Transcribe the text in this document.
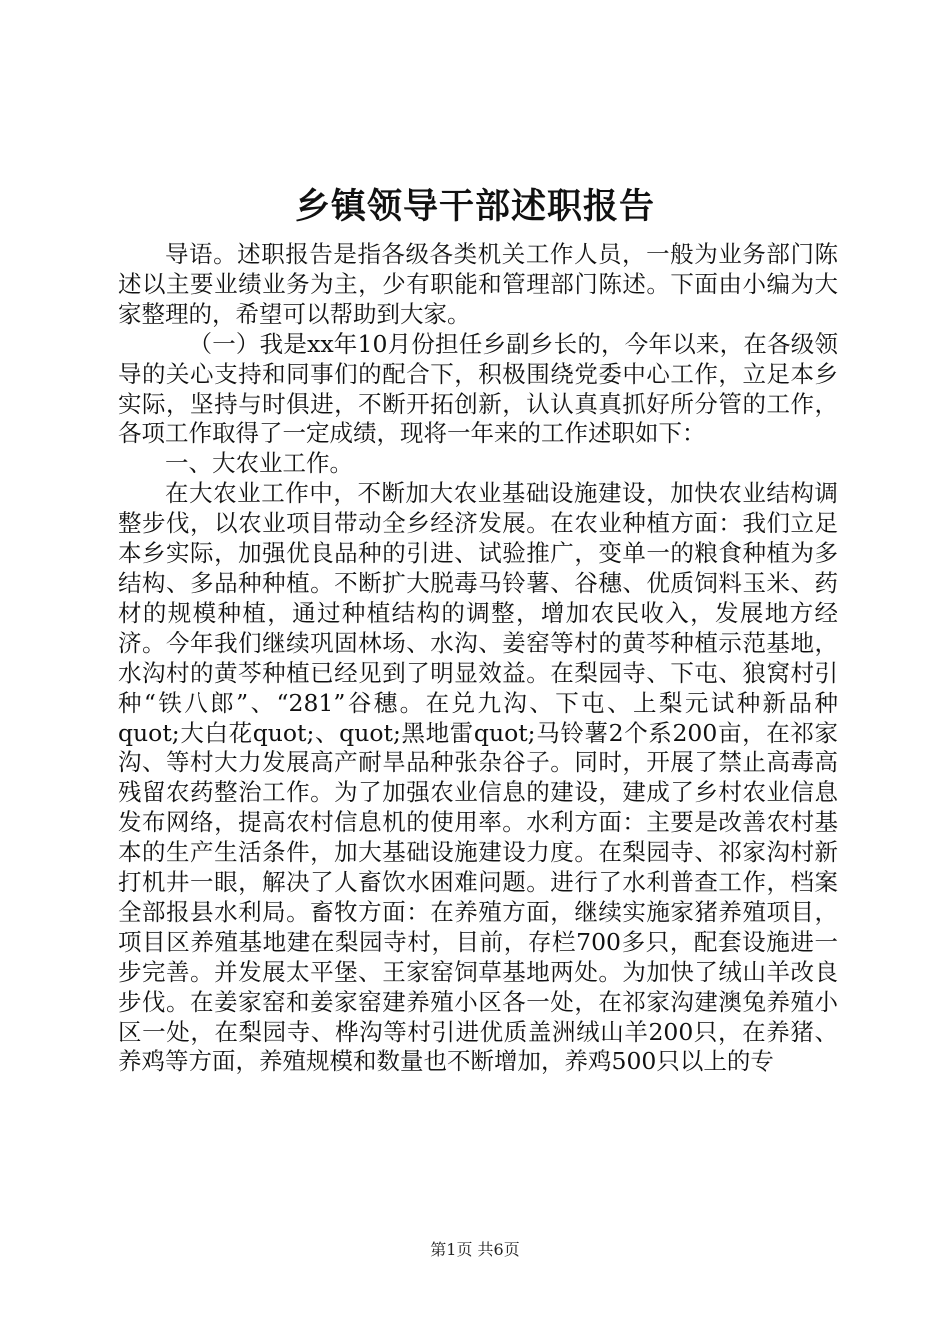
乡镇领导干部述职报告

导语。述职报告是指各级各类机关工作人员，一般为业务部门陈述以主要业绩业务为主，少有职能和管理部门陈述。下面由小编为大家整理的，希望可以帮助到大家。

（一）我是xx年10月份担任乡副乡长的，今年以来，在各级领导的关心支持和同事们的配合下，积极围绕党委中心工作，立足本乡实际，坚持与时俱进，不断开拓创新，认认真真抓好所分管的工作，各项工作取得了一定成绩，现将一年来的工作述职如下：

一、大农业工作。

在大农业工作中，不断加大农业基础设施建设，加快农业结构调整步伐，以农业项目带动全乡经济发展。在农业种植方面：我们立足本乡实际，加强优良品种的引进、试验推广，变单一的粮食种植为多结构、多品种种植。不断扩大脱毒马铃薯、谷穗、优质饲料玉米、药材的规模种植，通过种植结构的调整，增加农民收入，发展地方经济。今年我们继续巩固林场、水沟、姜窑等村的黄芩种植示范基地，水沟村的黄芩种植已经见到了明显效益。在梨园寺、下屯、狼窝村引种“铁八郎”、“281”谷穗。在兑九沟、下屯、上梨元试种新品种 quot;大白花quot;、quot;黑地雷quot;马铃薯2个系200亩，在祁家沟、等村大力发展高产耐旱品种张杂谷子。同时，开展了禁止高毒高残留农药整治工作。为了加强农业信息的建设，建成了乡村农业信息发布网络，提高农村信息机的使用率。水利方面：主要是改善农村基本的生产生活条件，加大基础设施建设力度。在梨园寺、祁家沟村新打机井一眼，解决了人畜饮水困难问题。进行了水利普查工作，档案全部报县水利局。畜牧方面：在养殖方面，继续实施家猪养殖项目，项目区养殖基地建在梨园寺村，目前，存栏700多只，配套设施进一步完善。并发展太平堡、王家窑饲草基地两处。为加快了绒山羊改良步伐。在姜家窑和姜家窑建养殖小区各一处，在祁家沟建澳兔养殖小区一处，在梨园寺、桦沟等村引进优质盖洲绒山羊200只，在养猪、养鸡等方面，养殖规模和数量也不断增加，养鸡500只以上的专

第1页 共6页
